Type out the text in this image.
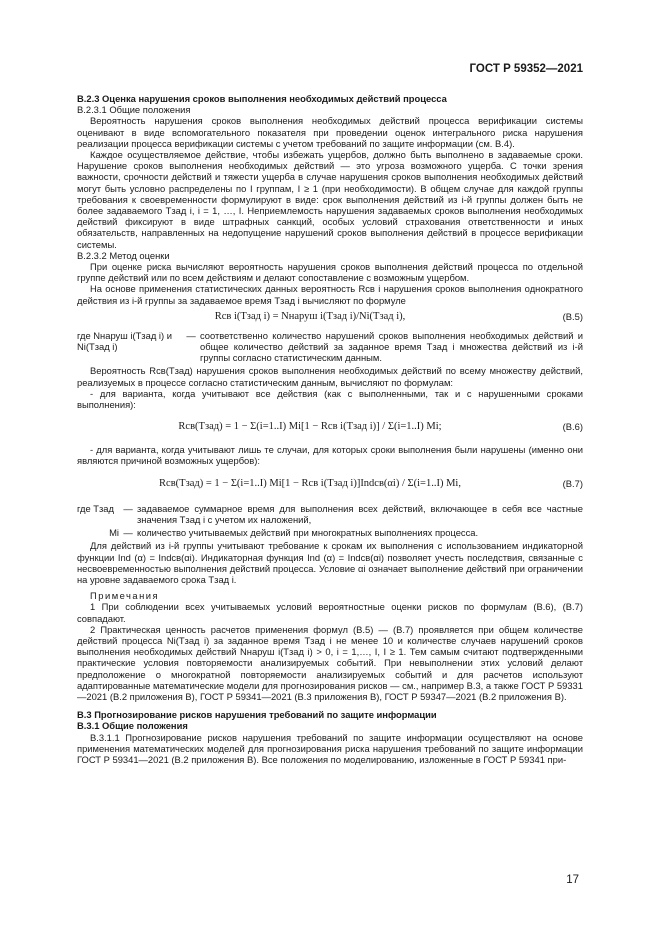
ГОСТ Р 59352—2021

В.2.3 Оценка нарушения сроков выполнения необходимых действий процесса

В.2.3.1 Общие положения

Вероятность нарушения сроков выполнения необходимых действий процесса верификации системы оценивают в виде вспомогательного показателя при проведении оценок интегрального риска нарушения реализации процесса верификации системы с учетом требований по защите информации (см. В.4).

Каждое осуществляемое действие, чтобы избежать ущербов, должно быть выполнено в задаваемые сроки. Нарушение сроков выполнения необходимых действий — это угроза возможного ущерба. С точки зрения важности, срочности действий и тяжести ущерба в случае нарушения сроков выполнения необходимых действий могут быть условно распределены по I группам, I ≥ 1 (при необходимости). В общем случае для каждой группы требования к своевременности формулируют в виде: срок выполнения действий из i-й группы должен быть не более задаваемого Tзад i, i = 1, …, I. Неприемлемость нарушения задаваемых сроков выполнения необходимых действий фиксируют в виде штрафных санкций, особых условий страхования ответственности и иных обязательств, направленных на недопущение нарушений сроков выполнения действий в процессе верификации системы.

В.2.3.2 Метод оценки

При оценке риска вычисляют вероятность нарушения сроков выполнения действий процесса по отдельной группе действий или по всем действиям и делают сопоставление с возможным ущербом.

На основе применения статистических данных вероятность Rсв i нарушения сроков выполнения однократного действия из i-й группы за задаваемое время Tзад i вычисляют по формуле

Rсв i(Tзад i) = Nнаруш i(Tзад i)/Ni(Tзад i),	(В.5)
где Nнаруш i(Tзад i) и Ni(Tзад i)
— соответственно количество нарушений сроков выполнения необходимых действий и общее количество действий за заданное время Tзад i множества действий из i-й группы согласно статистическим данным.

Вероятность Rсв(Tзад) нарушения сроков выполнения необходимых действий по всему множеству действий, реализуемых в процессе согласно статистическим данным, вычисляют по формулам:

- для варианта, когда учитывают все действия (как с выполненными, так и с нарушенными сроками выполнения):

Rсв(Tзад) = 1 − Σ(i=1..I) Mi[1 − Rсв i(Tзад i)] / Σ(i=1..I) Mi;	(В.6)

- для варианта, когда учитывают лишь те случаи, для которых сроки выполнения были нарушены (именно они являются причиной возможных ущербов):

Rсв(Tзад) = 1 − Σ(i=1..I) Mi[1 − Rсв i(Tзад i)]Indсв(αi) / Σ(i=1..I) Mi,	(В.7)
где Tзад — задаваемое суммарное время для выполнения всех действий, включающее в себя все частные значения Tзад i с учетом их наложений,
Mi — количество учитываемых действий при многократных выполнениях процесса.

Для действий из i-й группы учитывают требование к срокам их выполнения с использованием индикаторной функции Ind (α) = Indсв(αi). Индикаторная функция Ind (α) = Indсв(αi) позволяет учесть последствия, связанные с несвоевременностью выполнения действий процесса. Условие αi означает выполнение действий при ограничении на уровне задаваемого срока Tзад i.

Примечания

1 При соблюдении всех учитываемых условий вероятностные оценки рисков по формулам (В.6), (В.7) совпадают.

2 Практическая ценность расчетов применения формул (В.5) — (В.7) проявляется при общем количестве действий процесса Ni(Tзад i) за заданное время Tзад i не менее 10 и количестве случаев нарушений сроков выполнения необходимых действий Nнаруш i(Tзад i) > 0, i = 1,…, I, I ≥ 1. Тем самым считают подтвержденными практические условия повторяемости анализируемых событий. При невыполнении этих условий делают предположение о многократной повторяемости анализируемых событий и для расчетов используют адаптированные математические модели для прогнозирования рисков — см., например В.3, а также ГОСТ Р 59331—2021 (В.2 приложения В), ГОСТ Р 59341—2021 (В.3 приложения В), ГОСТ Р 59347—2021 (В.2 приложения В).

В.3 Прогнозирование рисков нарушения требований по защите информации

В.3.1 Общие положения

В.3.1.1 Прогнозирование рисков нарушения требований по защите информации осуществляют на основе применения математических моделей для прогнозирования риска нарушения требований по защите информации ГОСТ Р 59341—2021 (В.2 приложения В). Все положения по моделированию, изложенные в ГОСТ Р 59341 при-

17
